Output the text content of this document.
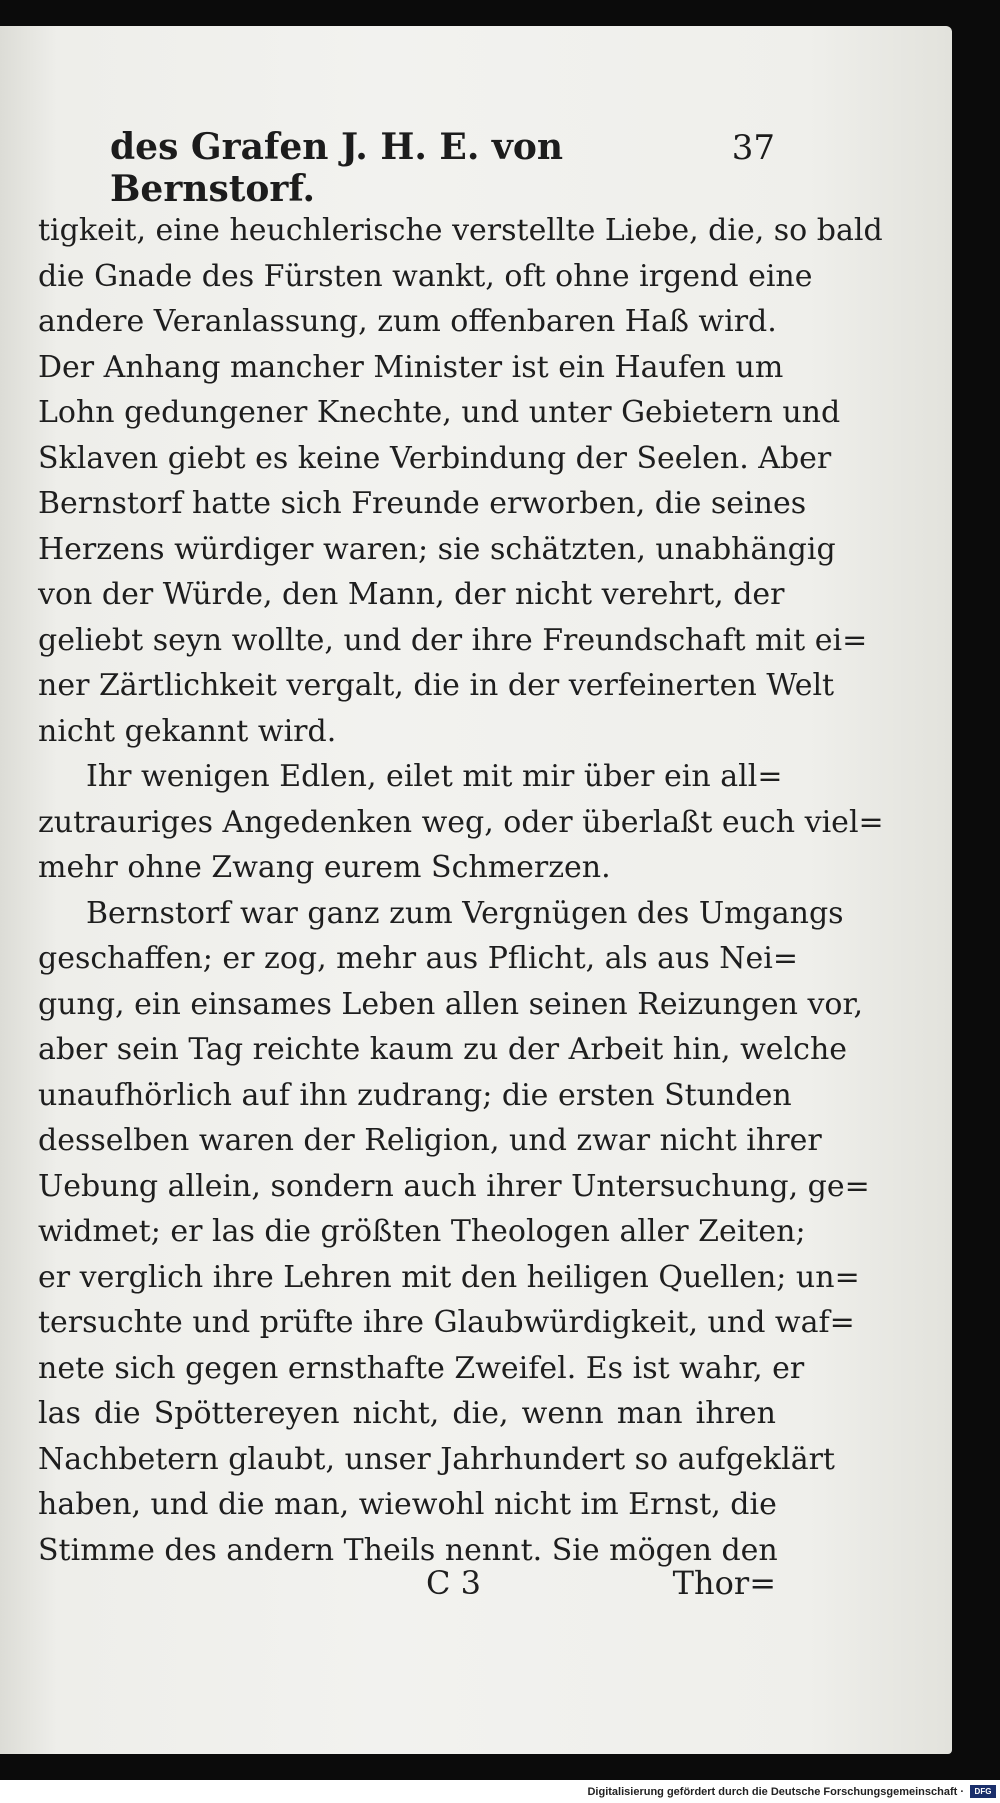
des Grafen J. H. E. von Bernstorf.
37
tigkeit, eine heuchlerische verstellte Liebe, die, so bald
die Gnade des Fürsten wankt, oft ohne irgend eine
andere Veranlassung, zum offenbaren Haß wird.
Der Anhang mancher Minister ist ein Haufen um
Lohn gedungener Knechte, und unter Gebietern und
Sklaven giebt es keine Verbindung der Seelen. Aber
Bernstorf hatte sich Freunde erworben, die seines
Herzens würdiger waren; sie schätzten, unabhängig
von der Würde, den Mann, der nicht verehrt, der
geliebt seyn wollte, und der ihre Freundschaft mit ei=
ner Zärtlichkeit vergalt, die in der verfeinerten Welt
nicht gekannt wird.
Ihr wenigen Edlen, eilet mit mir über ein all=
zutrauriges Angedenken weg, oder überlaßt euch viel=
mehr ohne Zwang eurem Schmerzen.
Bernstorf war ganz zum Vergnügen des Umgangs
geschaffen; er zog, mehr aus Pflicht, als aus Nei=
gung, ein einsames Leben allen seinen Reizungen vor,
aber sein Tag reichte kaum zu der Arbeit hin, welche
unaufhörlich auf ihn zudrang; die ersten Stunden
desselben waren der Religion, und zwar nicht ihrer
Uebung allein, sondern auch ihrer Untersuchung, ge=
widmet; er las die größten Theologen aller Zeiten;
er verglich ihre Lehren mit den heiligen Quellen; un=
tersuchte und prüfte ihre Glaubwürdigkeit, und waf=
nete sich gegen ernsthafte Zweifel. Es ist wahr, er
las die Spöttereyen nicht, die, wenn man ihren
Nachbetern glaubt, unser Jahrhundert so aufgeklärt
haben, und die man, wiewohl nicht im Ernst, die
Stimme des andern Theils nennt. Sie mögen den
C 3	Thor=
Digitalisierung gefördert durch die Deutsche Forschungsgemeinschaft ·	DFG
